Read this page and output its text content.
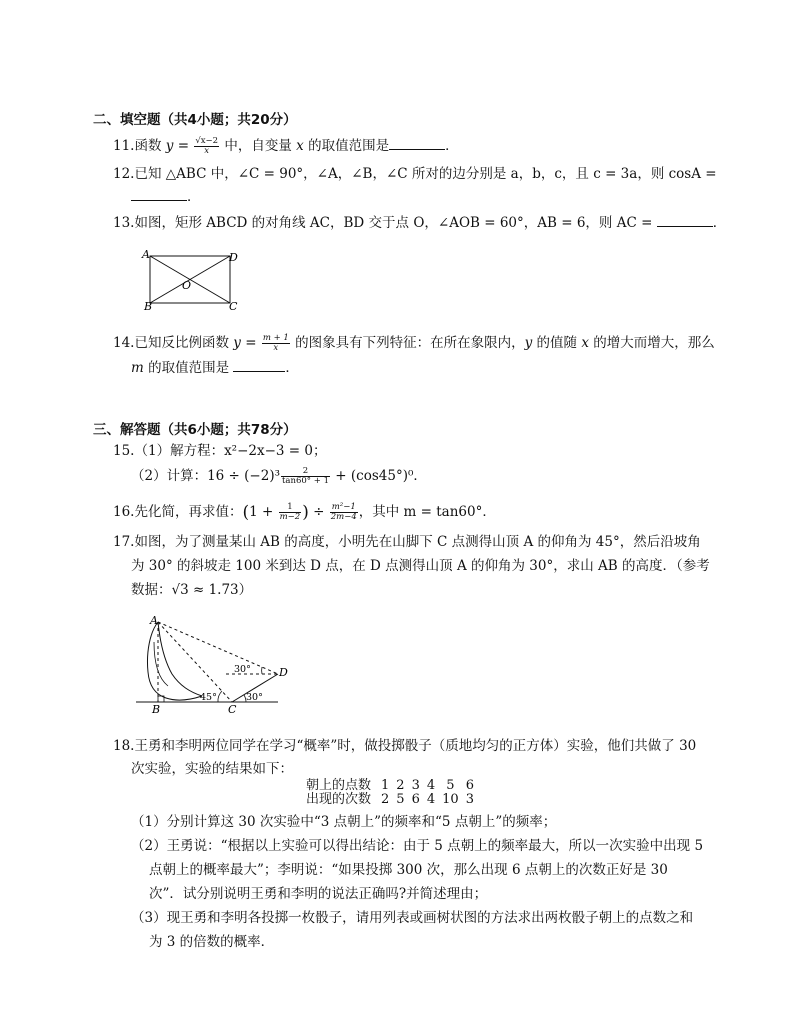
二、填空题（共4小题；共20分）
11.函数 $y = \frac{√x-2}{x}$ 中，自变量 x 的取值范围是	．
12.已知 △ABC 中，∠C = 90°，∠A，∠B，∠C 所对的边分别是 a，b，c，且 c = 3a，则 cosA =
．
13.如图，矩形 ABCD 的对角线 AC，BD 交于点 O，∠AOB = 60°，AB = 6，则 AC =	．
A
B	C
D
O
14.已知反比例函数 $y = \frac{m + 1}{x}$ 的图象具有下列特征：在所在象限内，y 的值随 x 的增大而增大，那么
m 的取值范围是	．
三、解答题（共6小题；共78分）
15.（1）解方程：x²−2x−3 = 0；
（2）计算：$16 \div (-2)^3 \frac{2}{\tan 60^\circ + 1} + (\cos 45^\circ)^0$．
16.先化简，再求值：($1 + \frac{1}{m-2}$ ) ÷ $\frac{\text{m²−1}}{2m-4}$ ，其中 m = tan60°．
17.如图，为了测量某山 AB 的高度，小明先在山脚下 C 点测得山顶 A 的仰角为 45°，然后沿坡角
为 30° 的斜坡走 100 米到达 D 点，在 D 点测得山顶 A 的仰角为 30°，求山 AB 的高度．（参考
数据：√3 ≈ 1.73）
A
B	C
D
45°	30°
30°
18.王勇和李明两位同学在学习“概率”时，做投掷骰子（质地均匀的正方体）实验，他们共做了 30
次实验，实验的结果如下：
朝上的点数	1	2	3	4	5	6
出现的次数	2	5	6	4	10	3
（1）分别计算这 30 次实验中“3 点朝上”的频率和“5 点朝上”的频率；
（2）王勇说：“根据以上实验可以得出结论：由于 5 点朝上的频率最大，所以一次实验中出现 5
点朝上的概率最大”；李明说：“如果投掷 300 次，那么出现 6 点朝上的次数正好是 30
次”．试分别说明王勇和李明的说法正确吗?并简述理由；
（3）现王勇和李明各投掷一枚骰子，请用列表或画树状图的方法求出两枚骰子朝上的点数之和
为 3 的倍数的概率．
